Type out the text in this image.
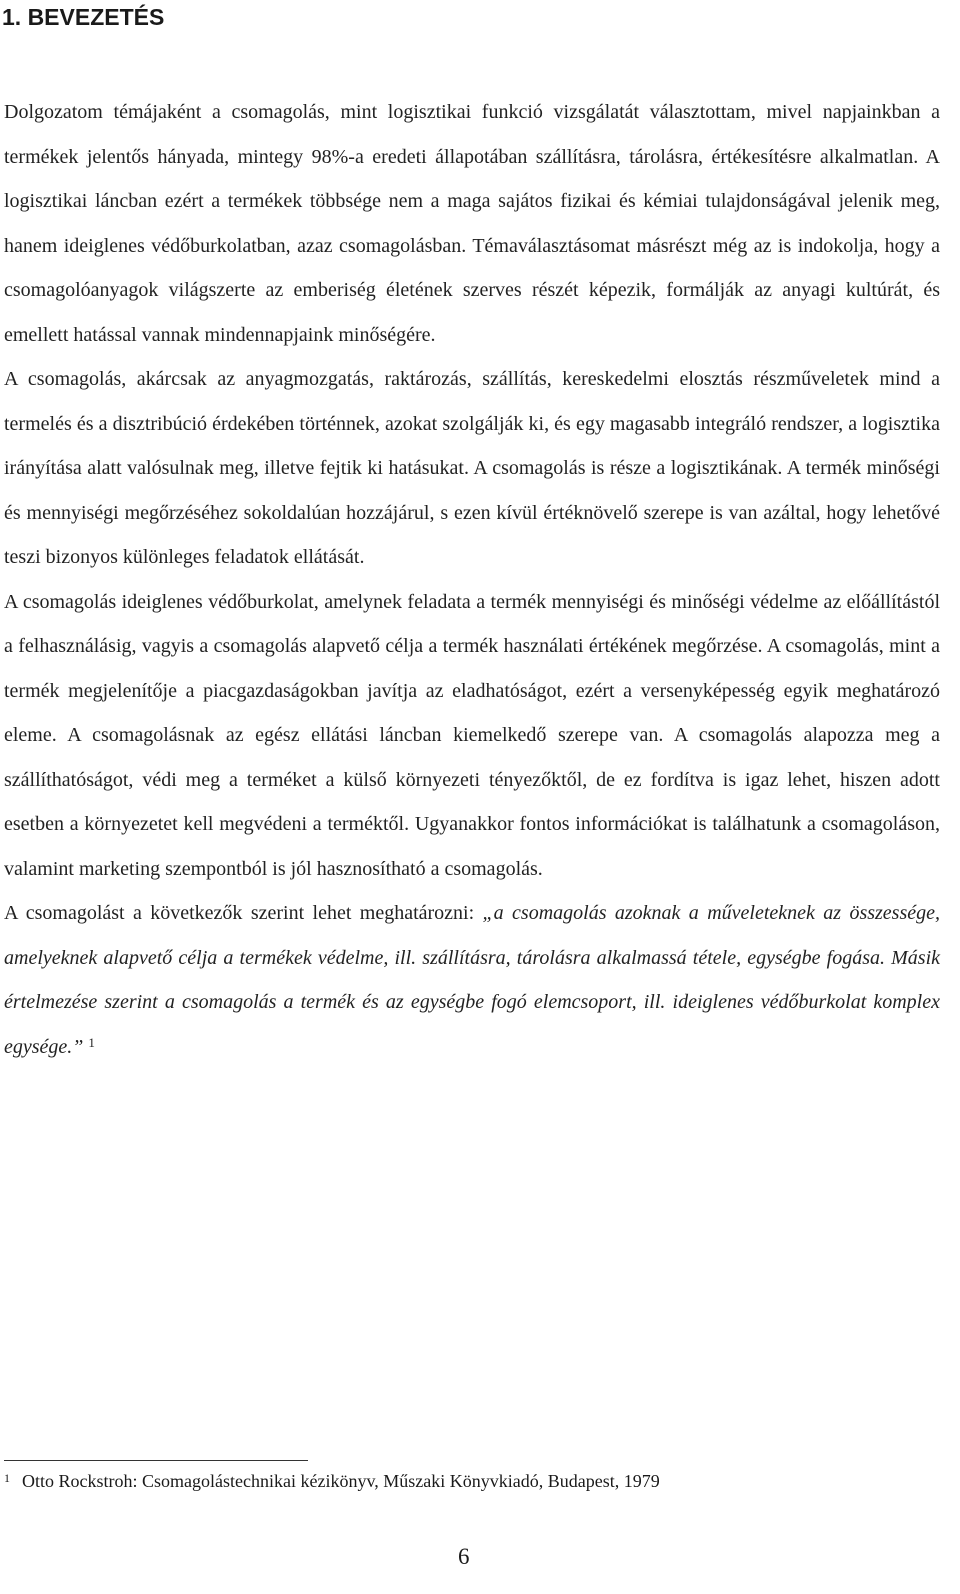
1. BEVEZETÉS

Dolgozatom témájaként a csomagolás, mint logisztikai funkció vizsgálatát választottam, mivel napjainkban a termékek jelentős hányada, mintegy 98%-a eredeti állapotában szállításra, tárolásra, értékesítésre alkalmatlan. A logisztikai láncban ezért a termékek többsége nem a maga sajátos fizikai és kémiai tulajdonságával jelenik meg, hanem ideiglenes védőburkolatban, azaz csomagolásban. Témaválasztásomat másrészt még az is indokolja, hogy a csomagolóanyagok világszerte az emberiség életének szerves részét képezik, formálják az anyagi kultúrát, és emellett hatással vannak mindennapjaink minőségére.

A csomagolás, akárcsak az anyagmozgatás, raktározás, szállítás, kereskedelmi elosztás részműveletek mind a termelés és a disztribúció érdekében történnek, azokat szolgálják ki, és egy magasabb integráló rendszer, a logisztika irányítása alatt valósulnak meg, illetve fejtik ki hatásukat. A csomagolás is része a logisztikának. A termék minőségi és mennyiségi megőrzéséhez sokoldalúan hozzájárul, s ezen kívül értéknövelő szerepe is van azáltal, hogy lehetővé teszi bizonyos különleges feladatok ellátását.

A csomagolás ideiglenes védőburkolat, amelynek feladata a termék mennyiségi és minőségi védelme az előállítástól a felhasználásig, vagyis a csomagolás alapvető célja a termék használati értékének megőrzése. A csomagolás, mint a termék megjelenítője a piacgazdaságokban javítja az eladhatóságot, ezért a versenyképesség egyik meghatározó eleme. A csomagolásnak az egész ellátási láncban kiemelkedő szerepe van. A csomagolás alapozza meg a szállíthatóságot, védi meg a terméket a külső környezeti tényezőktől, de ez fordítva is igaz lehet, hiszen adott esetben a környezetet kell megvédeni a terméktől. Ugyanakkor fontos információkat is találhatunk a csomagoláson, valamint marketing szempontból is jól hasznosítható a csomagolás.

A csomagolást a következők szerint lehet meghatározni: „a csomagolás azoknak a műveleteknek az összessége, amelyeknek alapvető célja a termékek védelme, ill. szállításra, tárolásra alkalmassá tétele, egységbe fogása. Másik értelmezése szerint a csomagolás a termék és az egységbe fogó elemcsoport, ill. ideiglenes védőburkolat komplex egysége.” $^1$

$^1$ Otto Rockstroh: Csomagolástechnikai kézikönyv, Műszaki Könyvkiadó, Budapest, 1979

6
